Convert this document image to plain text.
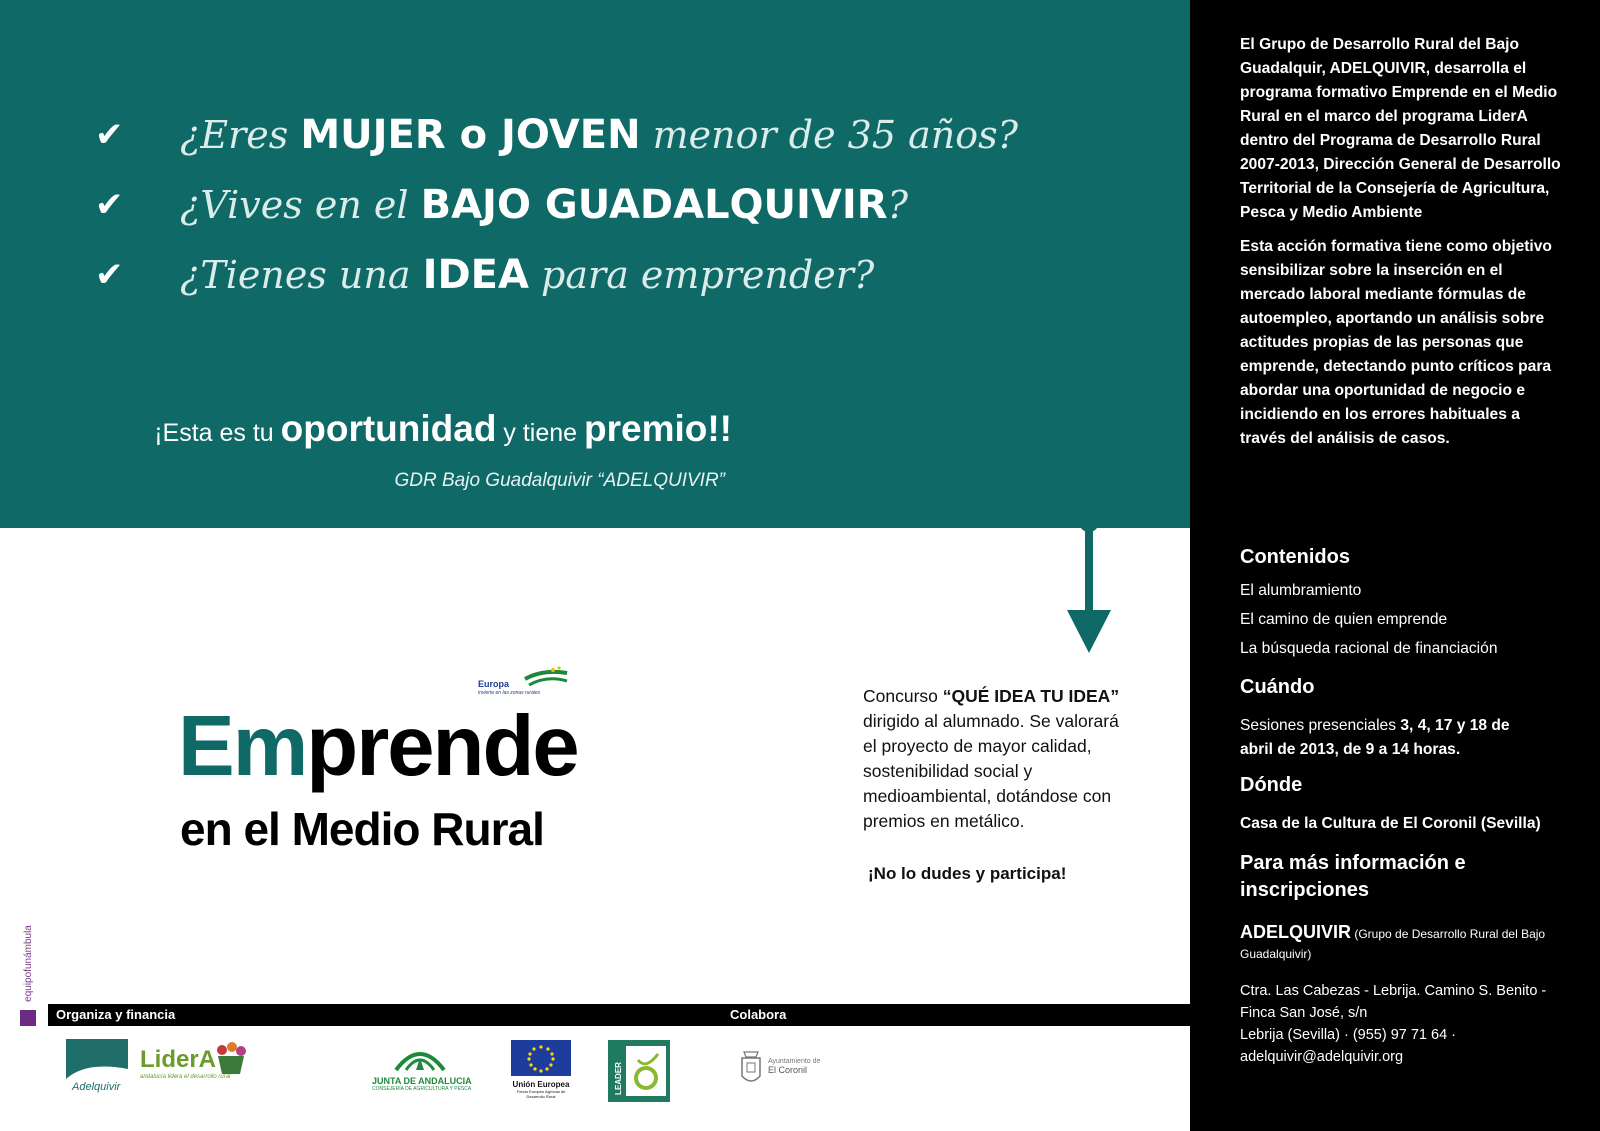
✔	¿Eres MUJER o JOVEN menor de 35 años?
✔	¿Vives en el BAJO GUADALQUIVIR?
✔	¿Tienes una IDEA para emprender?
¡Esta es tu oportunidad y tiene premio!!
GDR Bajo Guadalquivir “ADELQUIVIR”

El Grupo de Desarrollo Rural del Bajo Guadalquir, ADELQUIVIR, desarrolla el programa formativo Emprende en el Medio Rural en el marco del programa LiderA dentro del Programa de Desarrollo Rural 2007-2013, Dirección General de Desarrollo Territorial de la Consejería de Agricultura, Pesca y Medio Ambiente

Esta acción formativa tiene como objetivo sensibilizar sobre la inserción en el mercado laboral mediante fórmulas de autoempleo, aportando un análisis sobre actitudes propias de las personas que emprende, detectando punto críticos para abordar una oportunidad de negocio e incidiendo en los errores habituales a través del análisis de casos.

Contenidos
El alumbramiento
El camino de quien emprende
La búsqueda racional de financiación
Cuándo
Sesiones presenciales 3, 4, 17 y 18 de abril de 2013, de 9 a 14 horas.
Dónde
Casa de la Cultura de El Coronil (Sevilla)
Para más información e inscripciones
ADELQUIVIR (Grupo de Desarrollo Rural del Bajo Guadalquivir)
Ctra. Las Cabezas - Lebrija. Camino S. Benito - Finca San José, s/n
Lebrija (Sevilla) · (955) 97 71 64 ·
adelquivir@adelquivir.org
Europa
invierte en las zonas rurales
Emprende
en el Medio Rural
Concurso “QUÉ IDEA TU IDEA” dirigido al alumnado. Se valorará el proyecto de mayor calidad, sostenibilidad social y medioambiental, dotándose con premios en metálico.
¡No lo dudes y participa!
equipofunámbula
Organiza y financia	Colabora
Adelquivir
LiderA
andalucía lidera el desarrollo rural	JUNTA DE ANDALUCIA
CONSEJERÍA DE AGRICULTURA Y PESCA	Unión Europea
Fondo Europeo Agrícola de Desarrollo Rural
LEADER
Ayuntamiento de
El Coronil
